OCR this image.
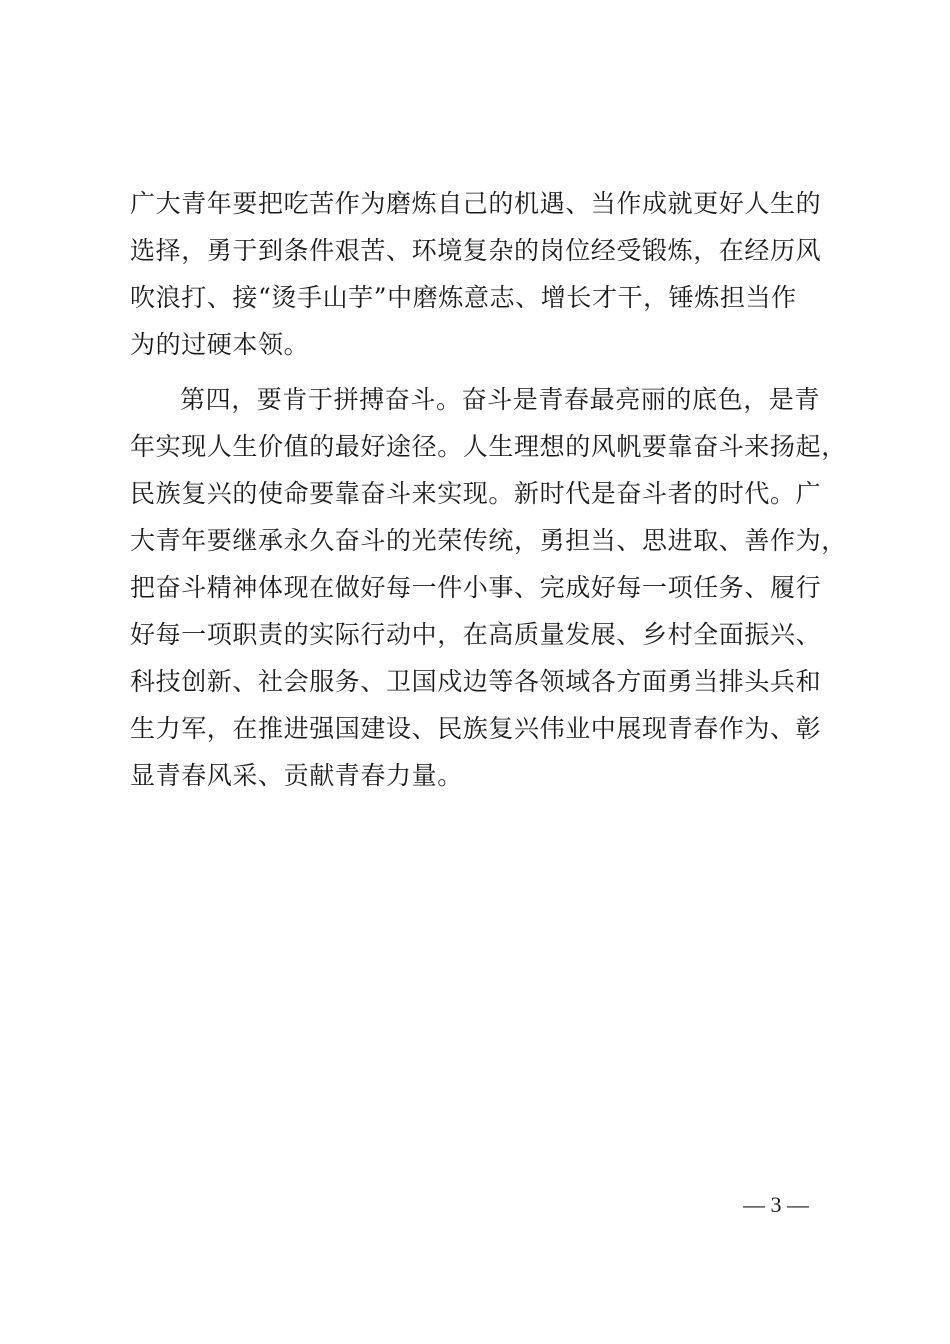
广大青年要把吃苦作为磨炼自己的机遇、当作成就更好人生的
选择，勇于到条件艰苦、环境复杂的岗位经受锻炼，在经历风
吹浪打、接“烫手山芋”中磨炼意志、增长才干，锤炼担当作
为的过硬本领。
第四，要肯于拼搏奋斗。奋斗是青春最亮丽的底色，是青
年实现人生价值的最好途径。人生理想的风帆要靠奋斗来扬起，
民族复兴的使命要靠奋斗来实现。新时代是奋斗者的时代。广
大青年要继承永久奋斗的光荣传统，勇担当、思进取、善作为，
把奋斗精神体现在做好每一件小事、完成好每一项任务、履行
好每一项职责的实际行动中，在高质量发展、乡村全面振兴、
科技创新、社会服务、卫国戍边等各领域各方面勇当排头兵和
生力军，在推进强国建设、民族复兴伟业中展现青春作为、彰
显青春风采、贡献青春力量。
— 3 —
